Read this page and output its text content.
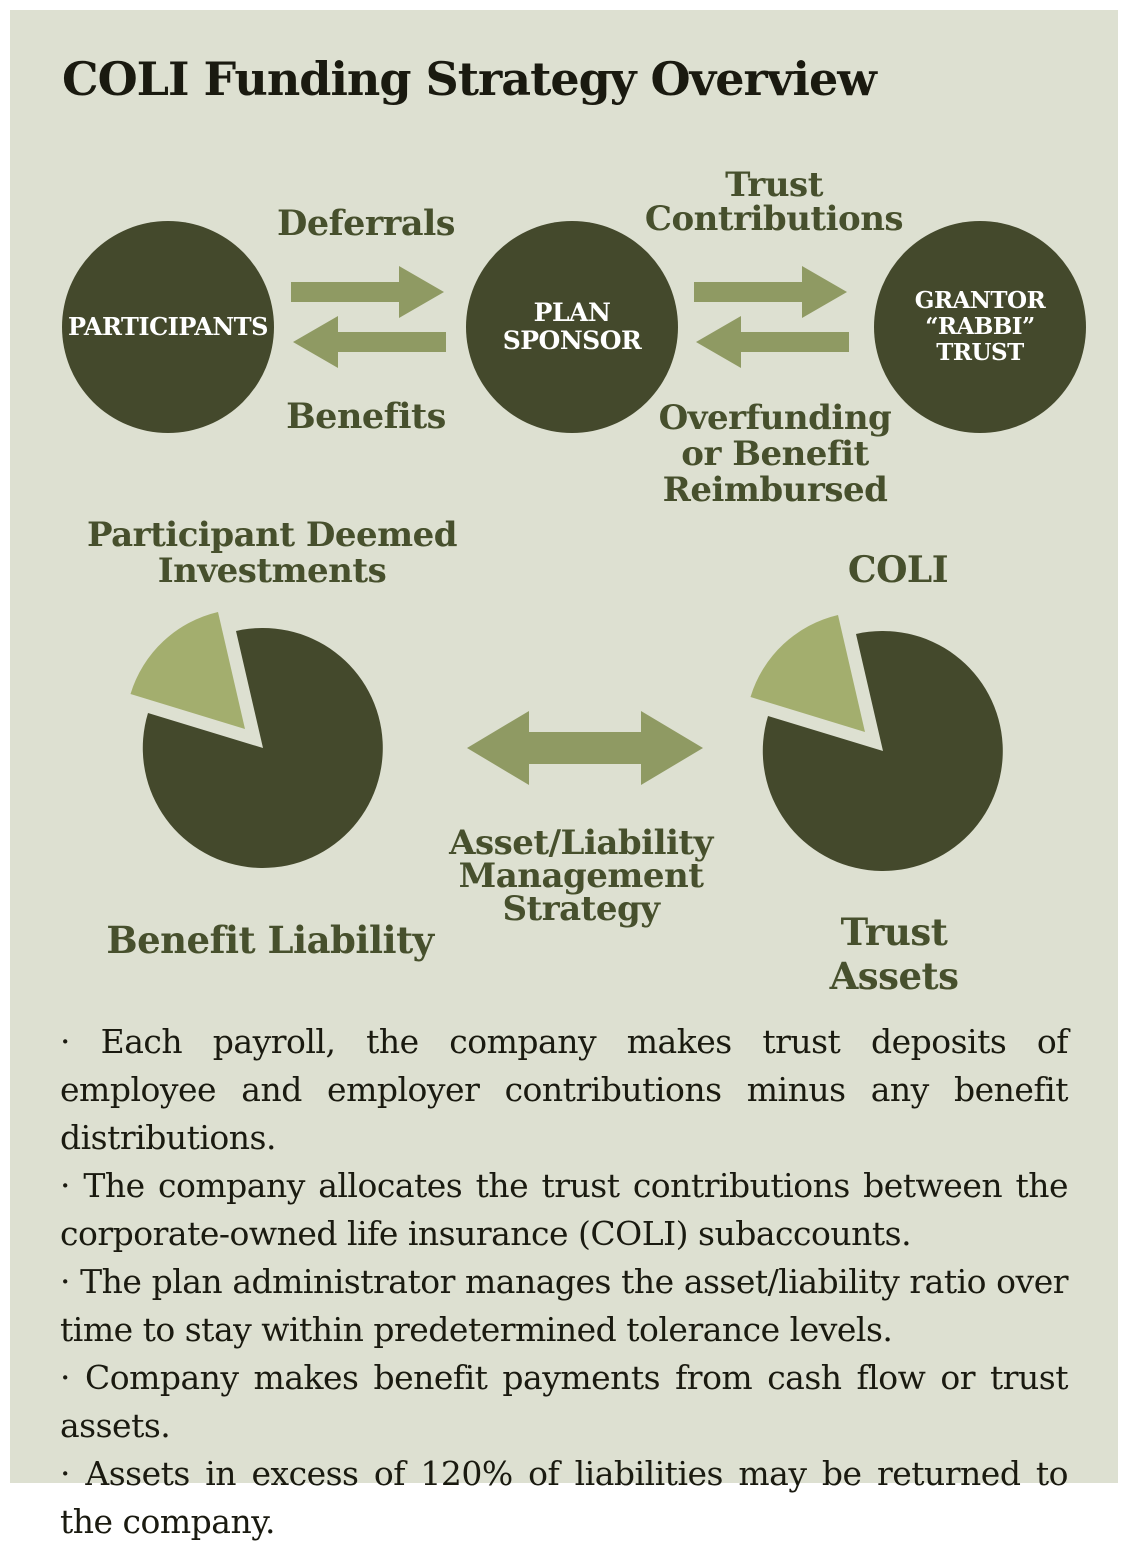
COLI Funding Strategy Overview
PARTICIPANTS	PLAN
SPONSOR
GRANTOR
“RABBI”
TRUST
Deferrals
Benefits
Trust
Contributions
Overfunding
or Benefit
Reimbursed
Participant Deemed
Investments	COLI
Asset/Liability
Management
Strategy
Benefit Liability	Trust Assets

· Each payroll, the company makes trust deposits of employee and employer contributions minus any benefit distributions.

· The company allocates the trust contributions between the corporate-owned life insurance (COLI) subaccounts.

· The plan administrator manages the asset/liability ratio over time to stay within predetermined tolerance levels.

· Company makes benefit payments from cash flow or trust assets.

· Assets in excess of 120% of liabilities may be returned to the company.
